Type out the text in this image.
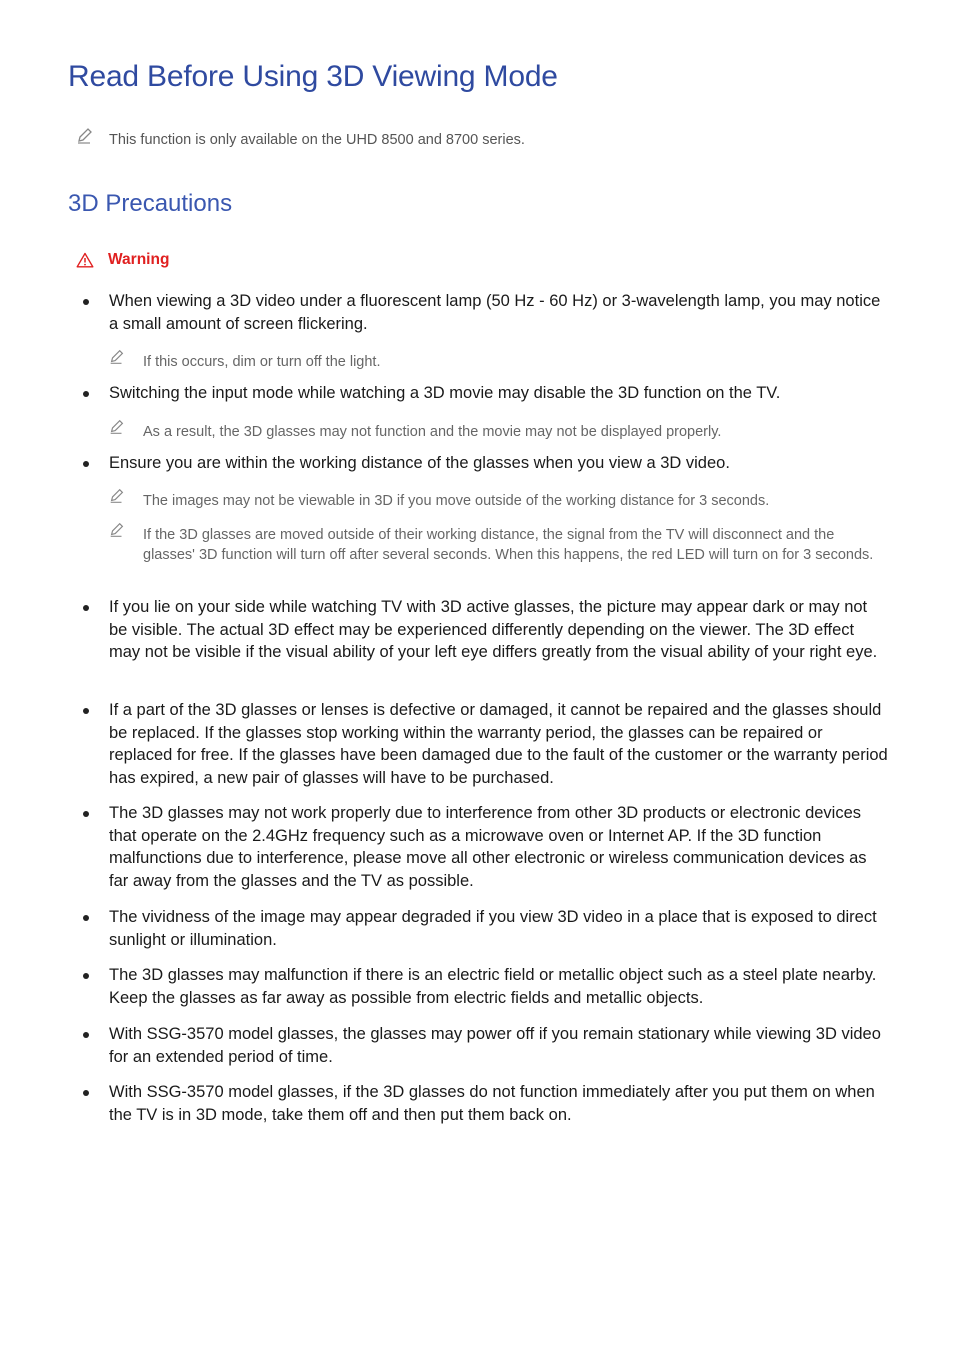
Read Before Using 3D Viewing Mode
This function is only available on the UHD 8500 and 8700 series.
3D Precautions
Warning
When viewing a 3D video under a fluorescent lamp (50 Hz - 60 Hz) or 3-wavelength lamp, you may notice a small amount of screen flickering.
If this occurs, dim or turn off the light.
Switching the input mode while watching a 3D movie may disable the 3D function on the TV.
As a result, the 3D glasses may not function and the movie may not be displayed properly.
Ensure you are within the working distance of the glasses when you view a 3D video.
The images may not be viewable in 3D if you move outside of the working distance for 3 seconds.
If the 3D glasses are moved outside of their working distance, the signal from the TV will disconnect and the glasses' 3D function will turn off after several seconds. When this happens, the red LED will turn on for 3 seconds.
If you lie on your side while watching TV with 3D active glasses, the picture may appear dark or may not be visible. The actual 3D effect may be experienced differently depending on the viewer. The 3D effect may not be visible if the visual ability of your left eye differs greatly from the visual ability of your right eye.
If a part of the 3D glasses or lenses is defective or damaged, it cannot be repaired and the glasses should be replaced. If the glasses stop working within the warranty period, the glasses can be repaired or replaced for free. If the glasses have been damaged due to the fault of the customer or the warranty period has expired, a new pair of glasses will have to be purchased.
The 3D glasses may not work properly due to interference from other 3D products or electronic devices that operate on the 2.4GHz frequency such as a microwave oven or Internet AP. If the 3D function malfunctions due to interference, please move all other electronic or wireless communication devices as far away from the glasses and the TV as possible.
The vividness of the image may appear degraded if you view 3D video in a place that is exposed to direct sunlight or illumination.
The 3D glasses may malfunction if there is an electric field or metallic object such as a steel plate nearby. Keep the glasses as far away as possible from electric fields and metallic objects.
With SSG-3570 model glasses, the glasses may power off if you remain stationary while viewing 3D video for an extended period of time.
With SSG-3570 model glasses, if the 3D glasses do not function immediately after you put them on when the TV is in 3D mode, take them off and then put them back on.
